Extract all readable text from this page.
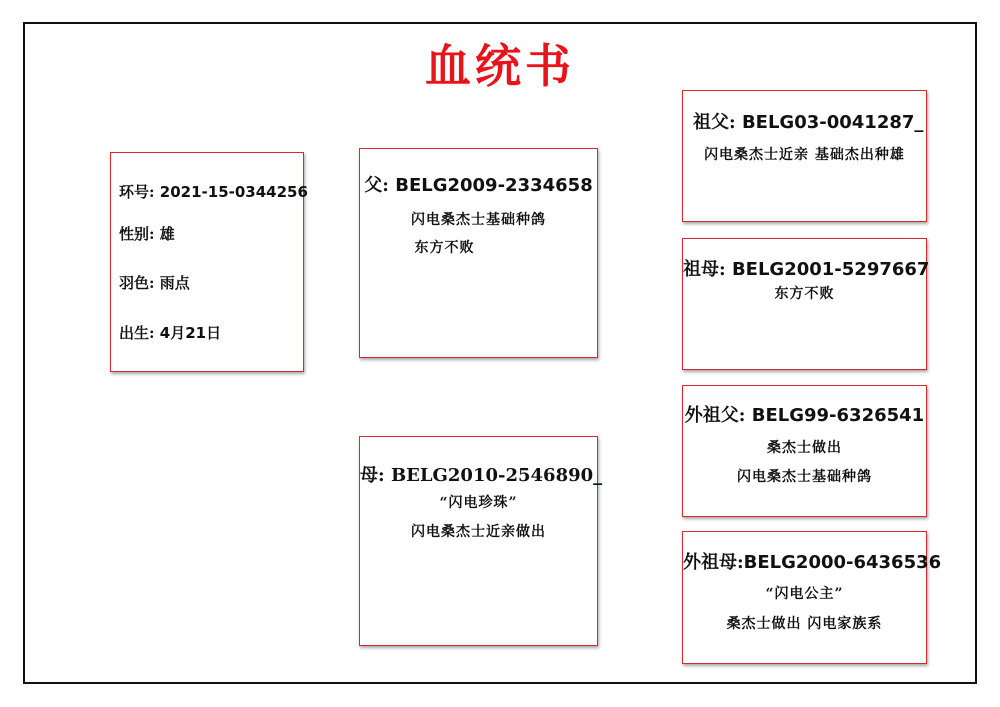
血统书
环号: 2021-15-0344256
性别: 雄
羽色: 雨点
出生: 4月21日
父: BELG2009-2334658
闪电桑杰士基础种鸽
东方不败
母: BELG2010-2546890_
“闪电珍珠”
闪电桑杰士近亲做出
祖父: BELG03-0041287_
闪电桑杰士近亲 基础杰出种雄
祖母: BELG2001-5297667
东方不败
外祖父: BELG99-6326541
桑杰士做出
闪电桑杰士基础种鸽
外祖母:BELG2000-6436536
“闪电公主”
桑杰士做出 闪电家族系
